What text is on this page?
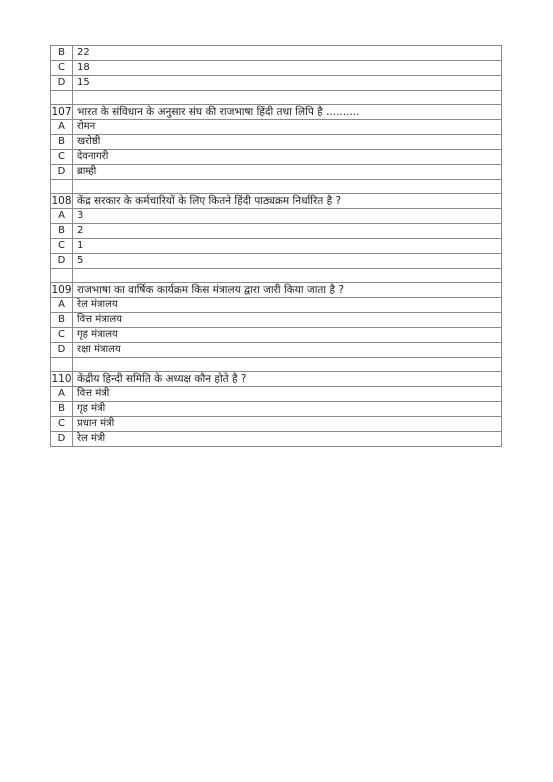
B	22
C	18
D	15

107	भारत के संविधान के अनुसार संघ की राजभाषा हिंदी तथा लिपि है ..........
A	रोमन
B	खरोष्ठी
C	देवनागरी
D	ब्राम्ही

108	केंद्र सरकार के कर्मचारियों के लिए कितने हिंदी पाठ्यक्रम निर्धारित है ?
A	3
B	2
C	1
D	5

109	राजभाषा का वार्षिक कार्यक्रम किस मंत्रालय द्वारा जारी किया जाता है ?
A	रेल मंत्रालय
B	वित्त मंत्रालय
C	गृह मंत्रालय
D	रक्षा मंत्रालय

110	केंद्रीय हिन्दी समिति के अध्यक्ष कौन होते है ?
A	वित्त मंत्री
B	गृह मंत्री
C	प्रधान मंत्री
D	रेल मंत्री
